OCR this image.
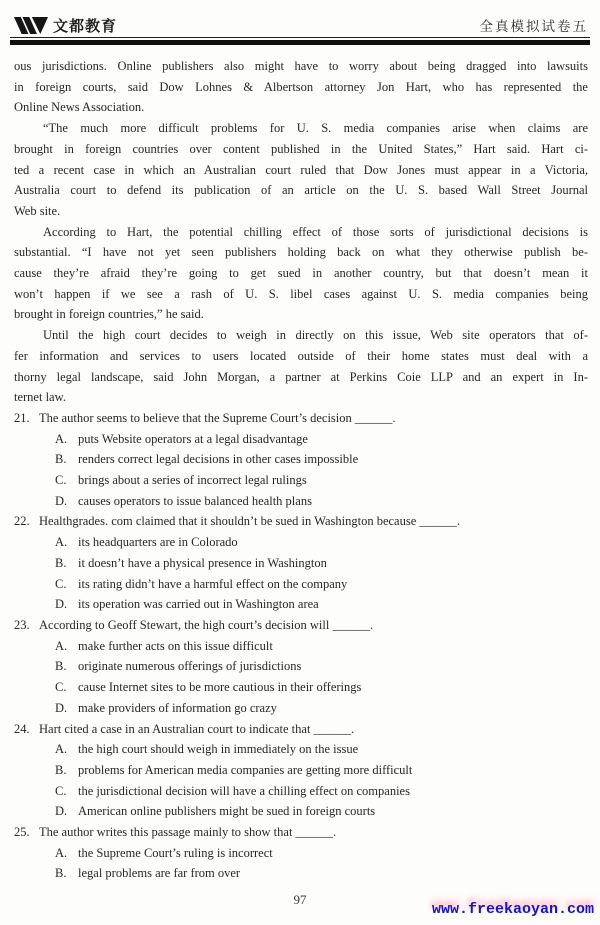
文都教育	全真模拟试卷五
ous jurisdictions. Online publishers also might have to worry about being dragged into lawsuits
in foreign courts, said Dow Lohnes & Albertson attorney Jon Hart, who has represented the
Online News Association.
“The much more difficult problems for U. S. media companies arise when claims are
brought in foreign countries over content published in the United States,” Hart said. Hart ci-
ted a recent case in which an Australian court ruled that Dow Jones must appear in a Victoria,
Australia court to defend its publication of an article on the U. S. based Wall Street Journal
Web site.
According to Hart, the potential chilling effect of those sorts of jurisdictional decisions is
substantial. “I have not yet seen publishers holding back on what they otherwise publish be-
cause they’re afraid they’re going to get sued in another country, but that doesn’t mean it
won’t happen if we see a rash of U. S. libel cases against U. S. media companies being
brought in foreign countries,” he said.
Until the high court decides to weigh in directly on this issue, Web site operators that of-
fer information and services to users located outside of their home states must deal with a
thorny legal landscape, said John Morgan, a partner at Perkins Coie LLP and an expert in In-
ternet law.
21. The author seems to believe that the Supreme Court’s decision ______.
A. puts Website operators at a legal disadvantage
B. renders correct legal decisions in other cases impossible
C. brings about a series of incorrect legal rulings
D. causes operators to issue balanced health plans
22. Healthgrades. com claimed that it shouldn’t be sued in Washington because ______.
A. its headquarters are in Colorado
B. it doesn’t have a physical presence in Washington
C. its rating didn’t have a harmful effect on the company
D. its operation was carried out in Washington area
23. According to Geoff Stewart, the high court’s decision will ______.
A. make further acts on this issue difficult
B. originate numerous offerings of jurisdictions
C. cause Internet sites to be more cautious in their offerings
D. make providers of information go crazy
24. Hart cited a case in an Australian court to indicate that ______.
A. the high court should weigh in immediately on the issue
B. problems for American media companies are getting more difficult
C. the jurisdictional decision will have a chilling effect on companies
D. American online publishers might be sued in foreign courts
25. The author writes this passage mainly to show that ______.
A. the Supreme Court’s ruling is incorrect
B. legal problems are far from over
97
www.freekaoyan.com
